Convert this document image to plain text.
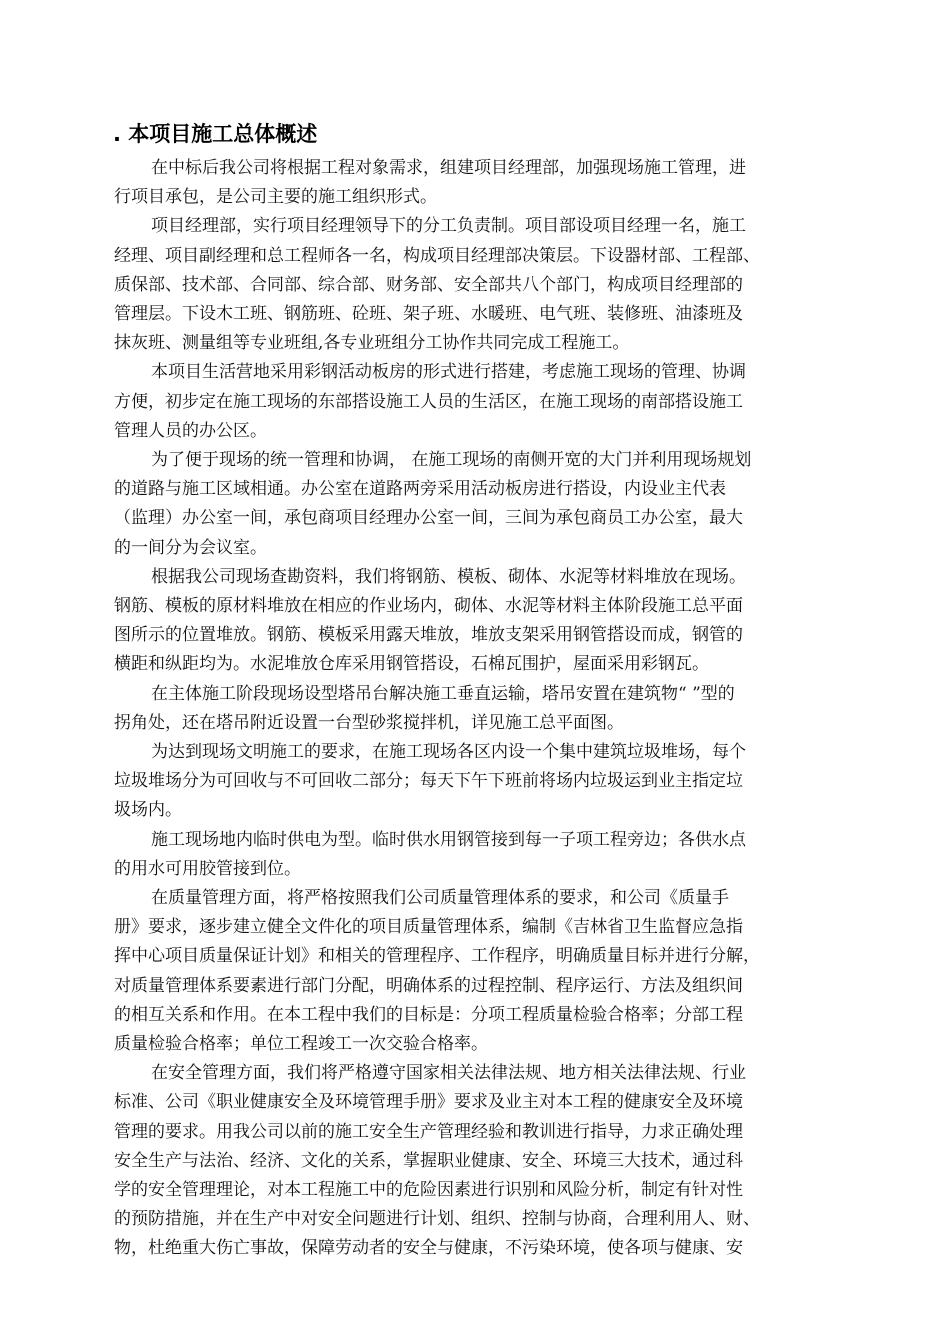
. 本项目施工总体概述
在中标后我公司将根据工程对象需求，组建项目经理部，加强现场施工管理，进
行项目承包，是公司主要的施工组织形式。
项目经理部，实行项目经理领导下的分工负责制。项目部设项目经理一名，施工
经理、项目副经理和总工程师各一名，构成项目经理部决策层。下设器材部、工程部、
质保部、技术部、合同部、综合部、财务部、安全部共八个部门，构成项目经理部的
管理层。下设木工班、钢筋班、砼班、架子班、水暖班、电气班、装修班、油漆班及
抹灰班、测量组等专业班组,各专业班组分工协作共同完成工程施工。
本项目生活营地采用彩钢活动板房的形式进行搭建，考虑施工现场的管理、协调
方便，初步定在施工现场的东部搭设施工人员的生活区，在施工现场的南部搭设施工
管理人员的办公区。
为了便于现场的统一管理和协调， 在施工现场的南侧开宽的大门并利用现场规划
的道路与施工区域相通。办公室在道路两旁采用活动板房进行搭设，内设业主代表
（监理）办公室一间，承包商项目经理办公室一间，三间为承包商员工办公室，最大
的一间分为会议室。
根据我公司现场查勘资料，我们将钢筋、模板、砌体、水泥等材料堆放在现场。
钢筋、模板的原材料堆放在相应的作业场内，砌体、水泥等材料主体阶段施工总平面
图所示的位置堆放。钢筋、模板采用露天堆放，堆放支架采用钢管搭设而成，钢管的
横距和纵距均为。水泥堆放仓库采用钢管搭设，石棉瓦围护，屋面采用彩钢瓦。
在主体施工阶段现场设型塔吊台解决施工垂直运输，塔吊安置在建筑物“ ”型的
拐角处，还在塔吊附近设置一台型砂浆搅拌机，详见施工总平面图。
为达到现场文明施工的要求，在施工现场各区内设一个集中建筑垃圾堆场，每个
垃圾堆场分为可回收与不可回收二部分；每天下午下班前将场内垃圾运到业主指定垃
圾场内。
施工现场地内临时供电为型。临时供水用钢管接到每一子项工程旁边；各供水点
的用水可用胶管接到位。
在质量管理方面，将严格按照我们公司质量管理体系的要求，和公司《质量手
册》要求，逐步建立健全文件化的项目质量管理体系，编制《吉林省卫生监督应急指
挥中心项目质量保证计划》和相关的管理程序、工作程序，明确质量目标并进行分解，
对质量管理体系要素进行部门分配，明确体系的过程控制、程序运行、方法及组织间
的相互关系和作用。在本工程中我们的目标是：分项工程质量检验合格率；分部工程
质量检验合格率；单位工程竣工一次交验合格率。
在安全管理方面，我们将严格遵守国家相关法律法规、地方相关法律法规、行业
标准、公司《职业健康安全及环境管理手册》要求及业主对本工程的健康安全及环境
管理的要求。用我公司以前的施工安全生产管理经验和教训进行指导，力求正确处理
安全生产与法治、经济、文化的关系，掌握职业健康、安全、环境三大技术，通过科
学的安全管理理论，对本工程施工中的危险因素进行识别和风险分析，制定有针对性
的预防措施，并在生产中对安全问题进行计划、组织、控制与协商，合理利用人、财、
物，杜绝重大伤亡事故，保障劳动者的安全与健康，不污染环境，使各项与健康、安
